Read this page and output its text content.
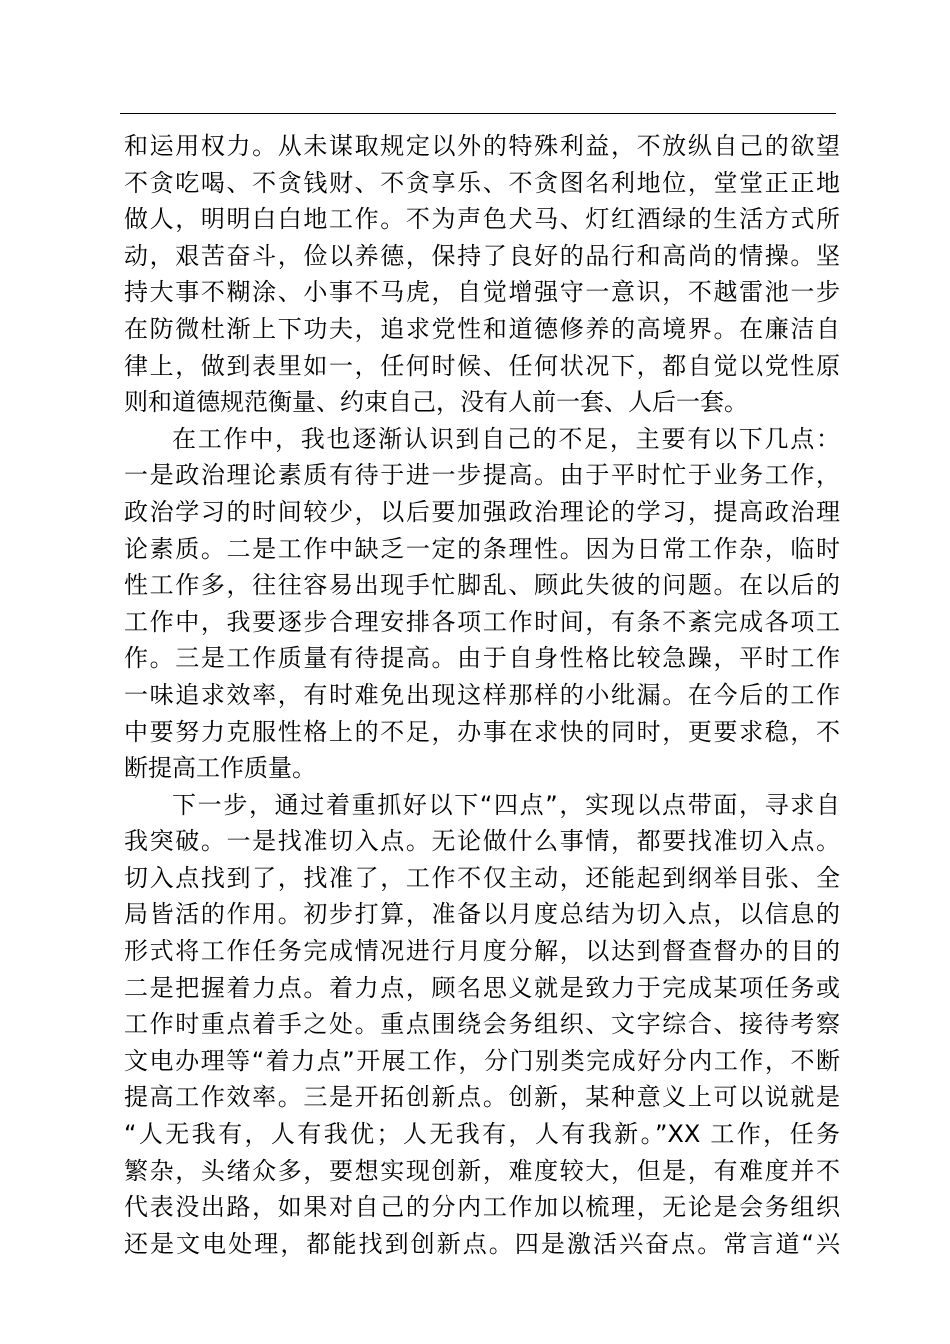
和运用权力。从未谋取规定以外的特殊利益，不放纵自己的欲望
不贪吃喝、不贪钱财、不贪享乐、不贪图名利地位，堂堂正正地
做人，明明白白地工作。不为声色犬马、灯红酒绿的生活方式所
动，艰苦奋斗，俭以养德，保持了良好的品行和高尚的情操。坚
持大事不糊涂、小事不马虎，自觉增强守一意识，不越雷池一步
在防微杜渐上下功夫，追求党性和道德修养的高境界。在廉洁自
律上，做到表里如一，任何时候、任何状况下，都自觉以党性原
则和道德规范衡量、约束自己，没有人前一套、人后一套。
在工作中，我也逐渐认识到自己的不足，主要有以下几点：
一是政治理论素质有待于进一步提高。由于平时忙于业务工作，
政治学习的时间较少，以后要加强政治理论的学习，提高政治理
论素质。二是工作中缺乏一定的条理性。因为日常工作杂，临时
性工作多，往往容易出现手忙脚乱、顾此失彼的问题。在以后的
工作中，我要逐步合理安排各项工作时间，有条不紊完成各项工
作。三是工作质量有待提高。由于自身性格比较急躁，平时工作
一味追求效率，有时难免出现这样那样的小纰漏。在今后的工作
中要努力克服性格上的不足，办事在求快的同时，更要求稳，不
断提高工作质量。
下一步，通过着重抓好以下“四点”，实现以点带面，寻求自
我突破。一是找准切入点。无论做什么事情，都要找准切入点。
切入点找到了，找准了，工作不仅主动，还能起到纲举目张、全
局皆活的作用。初步打算，准备以月度总结为切入点，以信息的
形式将工作任务完成情况进行月度分解，以达到督查督办的目的
二是把握着力点。着力点，顾名思义就是致力于完成某项任务或
工作时重点着手之处。重点围绕会务组织、文字综合、接待考察
文电办理等“着力点”开展工作，分门别类完成好分内工作，不断
提高工作效率。三是开拓创新点。创新，某种意义上可以说就是
“人无我有，人有我优；人无我有，人有我新。”XX 工作，任务
繁杂，头绪众多，要想实现创新，难度较大，但是，有难度并不
代表没出路，如果对自己的分内工作加以梳理，无论是会务组织
还是文电处理，都能找到创新点。四是激活兴奋点。常言道“兴
